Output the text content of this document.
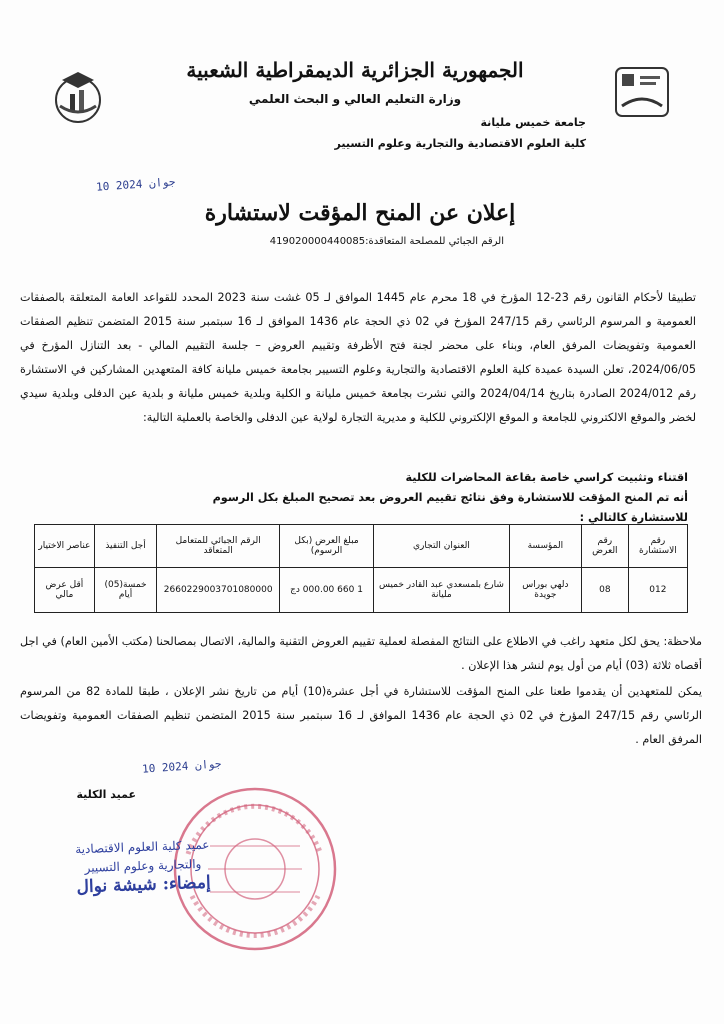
الجمهورية الجزائرية الديمقراطية الشعبية
وزارة التعليم العالي و البحث العلمي
جامعة خميس مليانة
كلية العلوم الاقتصادية والتجارية وعلوم التسيير
10 جوان 2024
إعلان عن المنح المؤقت لاستشارة
الرقم الجبائي للمصلحة المتعاقدة:419020000440085
تطبيقا لأحكام القانون رقم 23-12 المؤرخ في 18 محرم عام 1445 الموافق لـ 05 غشت سنة 2023 المحدد للقواعد العامة المتعلقة بالصفقات العمومية و المرسوم الرئاسي رقم 247/15 المؤرخ في 02 ذي الحجة عام 1436 الموافق لـ 16 سبتمبر سنة 2015 المتضمن تنظيم الصفقات العمومية وتفويضات المرفق العام، وبناء على محضر لجنة فتح الأظرفة وتقييم العروض – جلسة التقييم المالي - بعد التنازل المؤرخ في 2024/06/05، تعلن السيدة عميدة كلية العلوم الاقتصادية والتجارية وعلوم التسيير بجامعة خميس مليانة كافة المتعهدين المشاركين في الاستشارة رقم 2024/012 الصادرة بتاريخ 2024/04/14 والتي نشرت بجامعة خميس مليانة و الكلية وبلدية خميس مليانة و بلدية عين الدفلى وبلدية سيدي لخضر والموقع الالكتروني للجامعة و الموقع الإلكتروني للكلية و مديرية التجارة لولاية عين الدفلى والخاصة بالعملية التالية:
اقتناء وتثبيت كراسي خاصة بقاعة المحاضرات للكلية
أنه تم المنح المؤقت للاستشارة وفق نتائج تقييم العروض بعد تصحيح المبلغ بكل الرسوم للاستشارة كالتالي :
رقم الاستشارة	رقم العرض	المؤسسة	العنوان التجاري	مبلغ العرض (بكل الرسوم)	الرقم الجبائي للمتعامل المتعاقد	أجل التنفيذ	عناصر الاختيار
012	08	دلهي بوراس جويدة	شارع بلمسعدي عبد القادر خميس مليانة	1 660 000.00 دج	2660229003701080000	خمسة(05) أيام	أقل عرض مالي
ملاحظة: يحق لكل متعهد راغب في الاطلاع على النتائج المفصلة لعملية تقييم العروض التقنية والمالية، الاتصال بمصالحنا (مكتب الأمين العام) في اجل أقصاه ثلاثة (03) أيام من أول يوم لنشر هذا الإعلان .
يمكن للمتعهدين أن يقدموا طعنا على المنح المؤقت للاستشارة في أجل عشرة(10) أيام من تاريخ نشر الإعلان ، طبقا للمادة 82 من المرسوم الرئاسي رقم 247/15 المؤرخ في 02 ذي الحجة عام 1436 الموافق لـ 16 سبتمبر سنة 2015 المتضمن تنظيم الصفقات العمومية وتفويضات المرفق العام .
10 جوان 2024
عميد الكلية
عميد كلية العلوم الاقتصادية
والتجارية وعلوم التسيير
إمضاء: شيشة نوال
